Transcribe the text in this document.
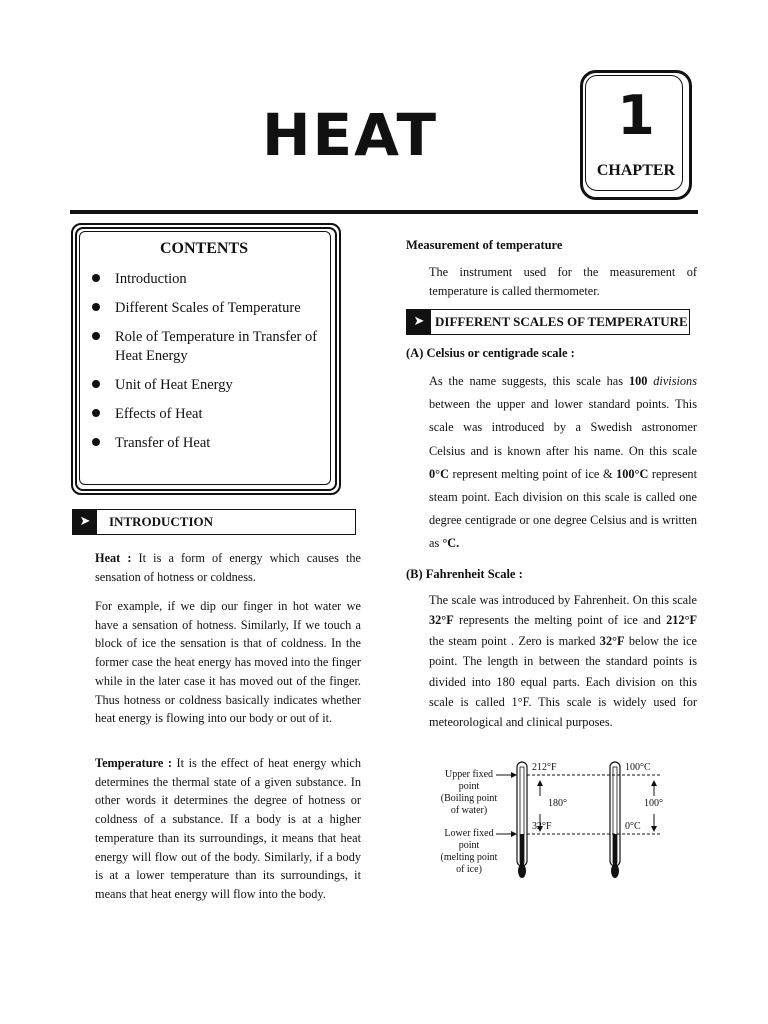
HEAT	1
CHAPTER
CONTENTS
Introduction
Different Scales of Temperature
Role of Temperature in Transfer of Heat Energy
Unit of Heat Energy
Effects of Heat
Transfer of Heat
➤	INTRODUCTION

Heat : It is a form of energy which causes the sensation of hotness or coldness.

For example, if we dip our finger in hot water we have a sensation of hotness. Similarly, If we touch a block of ice the sensation is that of coldness. In the former case the heat energy has moved into the finger while in the later case it has moved out of the finger. Thus hotness or coldness basically indicates whether heat energy is flowing into our body or out of it.

Temperature : It is the effect of heat energy which determines the thermal state of a given substance. In other words it determines the degree of hotness or coldness of a substance. If a body is at a higher temperature than its surroundings, it means that heat energy will flow out of the body. Similarly, if a body is at a lower temperature than its surroundings, it means that heat energy will flow into the body.

Measurement of temperature

The instrument used for the measurement of temperature is called thermometer.

➤ DIFFERENT SCALES OF TEMPERATURE
(A) Celsius or centigrade scale :

As the name suggests, this scale has 100 divisions between the upper and lower standard points. This scale was introduced by a Swedish astronomer Celsius and is known after his name. On this scale 0°C represent melting point of ice & 100°C represent steam point. Each division on this scale is called one degree centigrade or one degree Celsius and is written as °C.

(B) Fahrenheit Scale :

The scale was introduced by Fahrenheit. On this scale 32°F represents the melting point of ice and 212°F the steam point . Zero is marked 32°F below the ice point. The length in between the standard points is divided into 180 equal parts. Each division on this scale is called 1°F. This scale is widely used for meteorological and clinical purposes.

Upper fixed
point
(Boiling point
of water)
Lower fixed
point
(melting point
of ice)
212°F
32°F
180°
100°C
0°C
100°
